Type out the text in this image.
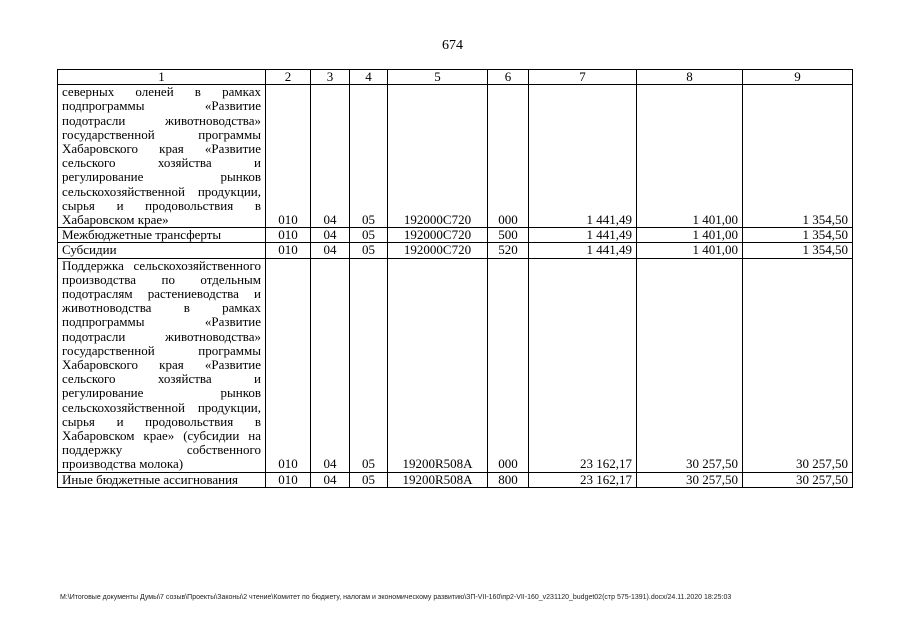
674
1	2	3	4	5	6	7	8	9
северных оленей в рамках подпрограммы «Развитие подотрасли животноводства» государственной программы Хабаровского края «Развитие сельского хозяйства и регулирование рынков сельскохозяйственной продукции, сырья и продовольствия в Хабаровском крае»	010	04	05	192000С720	000	1 441,49	1 401,00	1 354,50
Межбюджетные трансферты	010	04	05	192000С720	500	1 441,49	1 401,00	1 354,50
Субсидии	010	04	05	192000С720	520	1 441,49	1 401,00	1 354,50
Поддержка сельскохозяйственного производства по отдельным подотраслям растениеводства и животноводства в рамках подпрограммы «Развитие подотрасли животноводства» государственной программы Хабаровского края «Развитие сельского хозяйства и регулирование рынков сельскохозяйственной продукции, сырья и продовольствия в Хабаровском крае» (субсидии на поддержку собственного производства молока)	010	04	05	19200R508A	000	23 162,17	30 257,50	30 257,50
Иные бюджетные ассигнования	010	04	05	19200R508A	800	23 162,17	30 257,50	30 257,50
M:\Итоговые документы Думы\7 созыв\Проекты\Законы\2 чтение\Комитет по бюджету, налогам и экономическому развитию\ЗП-VII-160\пр2-VII-160_v231120_budget02(стр 575-1391).docx/24.11.2020 18:25:03
